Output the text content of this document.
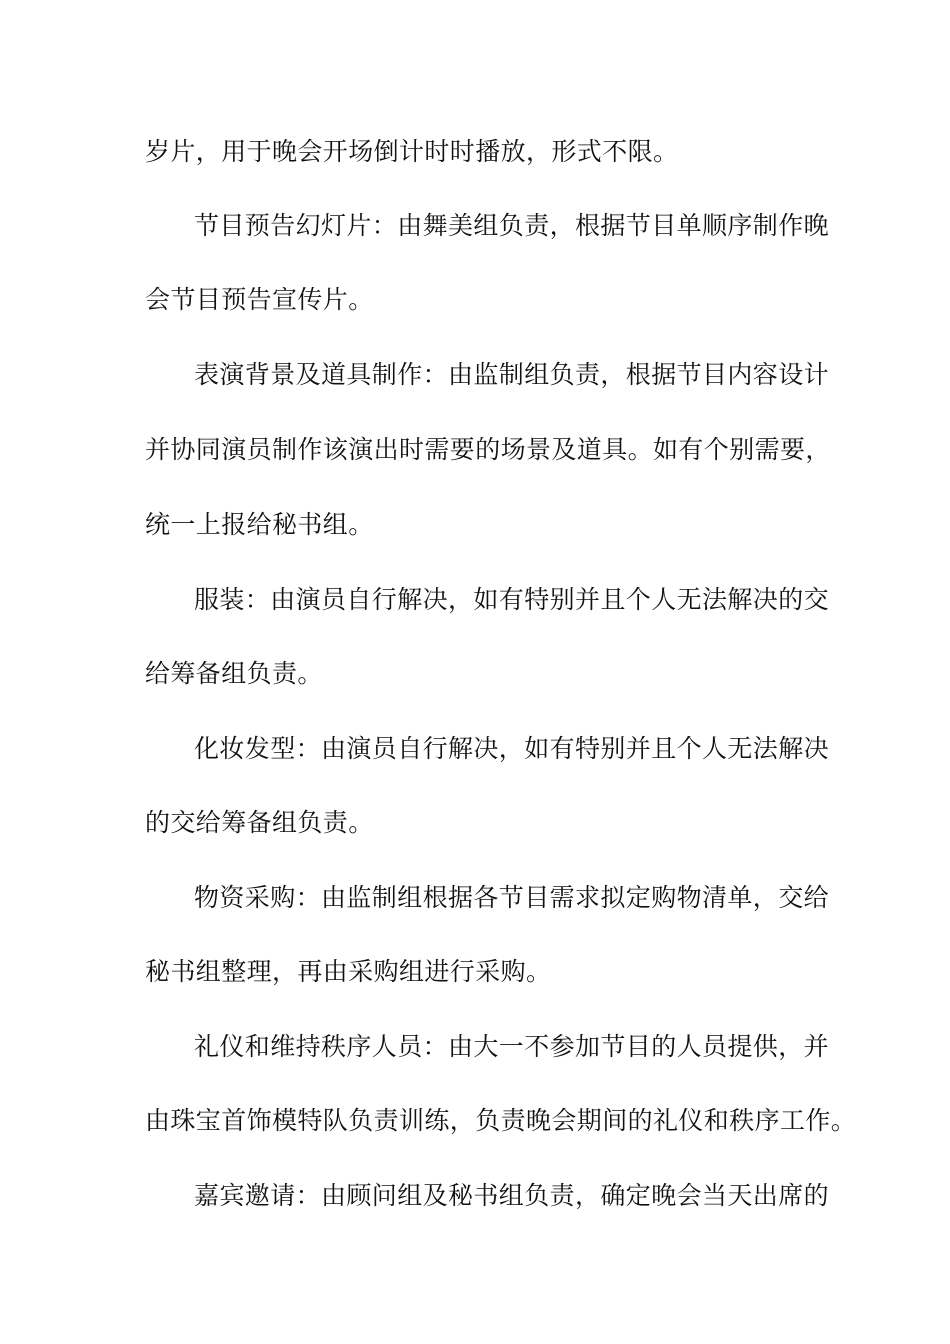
岁片，用于晚会开场倒计时时播放，形式不限。
节目预告幻灯片：由舞美组负责，根据节目单顺序制作晚
会节目预告宣传片。
表演背景及道具制作：由监制组负责，根据节目内容设计
并协同演员制作该演出时需要的场景及道具。如有个别需要，
统一上报给秘书组。
服装：由演员自行解决，如有特别并且个人无法解决的交
给筹备组负责。
化妆发型：由演员自行解决，如有特别并且个人无法解决
的交给筹备组负责。
物资采购：由监制组根据各节目需求拟定购物清单，交给
秘书组整理，再由采购组进行采购。
礼仪和维持秩序人员：由大一不参加节目的人员提供，并
由珠宝首饰模特队负责训练，负责晚会期间的礼仪和秩序工作。
嘉宾邀请：由顾问组及秘书组负责，确定晚会当天出席的
